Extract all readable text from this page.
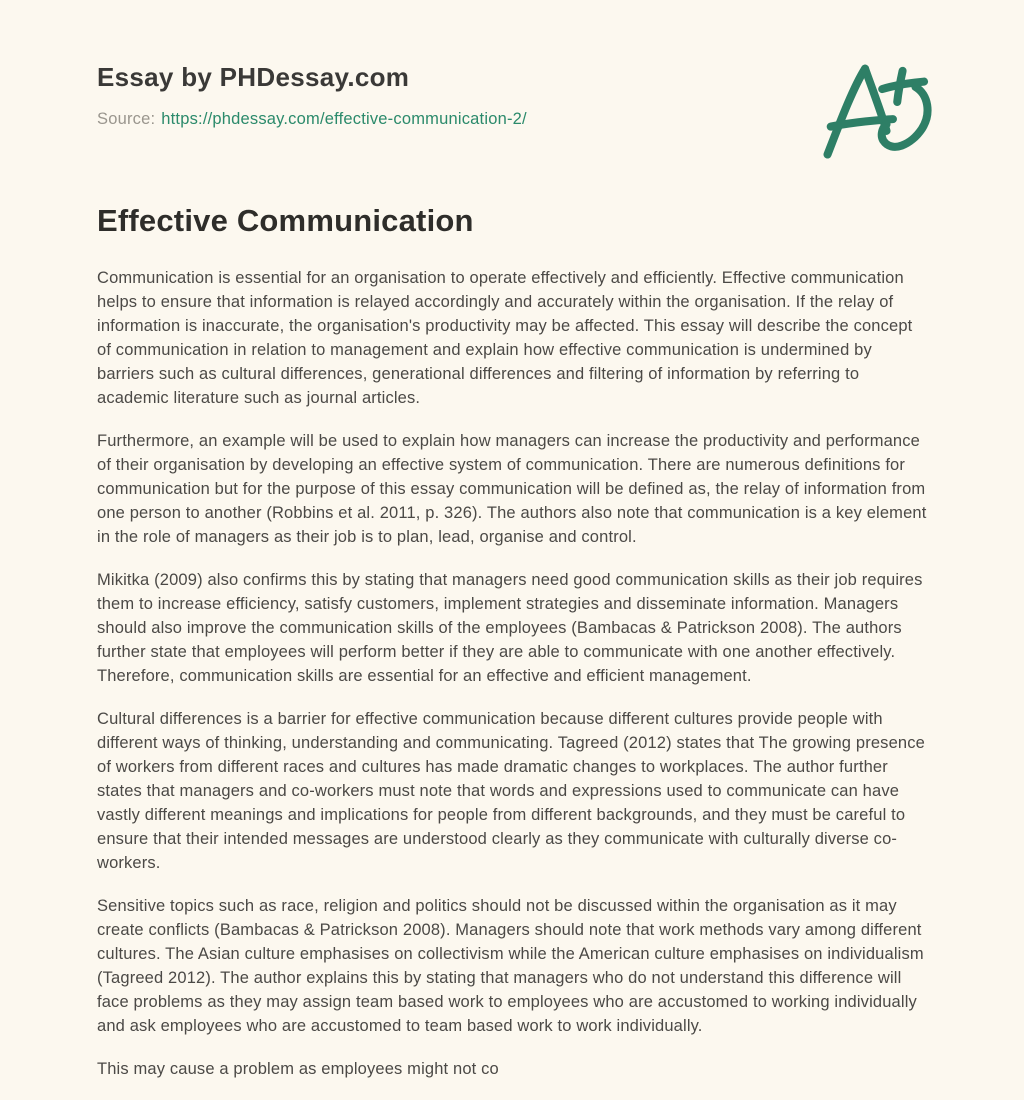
Essay by PHDessay.com
Source: https://phdessay.com/effective-communication-2/
Effective Communication

Communication is essential for an organisation to operate effectively and efficiently. Effective communication helps to ensure that information is relayed accordingly and accurately within the organisation. If the relay of information is inaccurate, the organisation's productivity may be affected. This essay will describe the concept of communication in relation to management and explain how effective communication is undermined by barriers such as cultural differences, generational differences and filtering of information by referring to academic literature such as journal articles.

Furthermore, an example will be used to explain how managers can increase the productivity and performance of their organisation by developing an effective system of communication. There are numerous definitions for communication but for the purpose of this essay communication will be defined as, the relay of information from one person to another (Robbins et al. 2011, p. 326). The authors also note that communication is a key element in the role of managers as their job is to plan, lead, organise and control.

Mikitka (2009) also confirms this by stating that managers need good communication skills as their job requires them to increase efficiency, satisfy customers, implement strategies and disseminate information. Managers should also improve the communication skills of the employees (Bambacas & Patrickson 2008). The authors further state that employees will perform better if they are able to communicate with one another effectively. Therefore, communication skills are essential for an effective and efficient management.

Cultural differences is a barrier for effective communication because different cultures provide people with different ways of thinking, understanding and communicating. Tagreed (2012) states that The growing presence of workers from different races and cultures has made dramatic changes to workplaces. The author further states that managers and co-workers must note that words and expressions used to communicate can have vastly different meanings and implications for people from different backgrounds, and they must be careful to ensure that their intended messages are understood clearly as they communicate with culturally diverse co-workers.

Sensitive topics such as race, religion and politics should not be discussed within the organisation as it may create conflicts (Bambacas & Patrickson 2008). Managers should note that work methods vary among different cultures. The Asian culture emphasises on collectivism while the American culture emphasises on individualism (Tagreed 2012). The author explains this by stating that managers who do not understand this difference will face problems as they may assign team based work to employees who are accustomed to working individually and ask employees who are accustomed to team based work to work individually.

This may cause a problem as employees might not co
